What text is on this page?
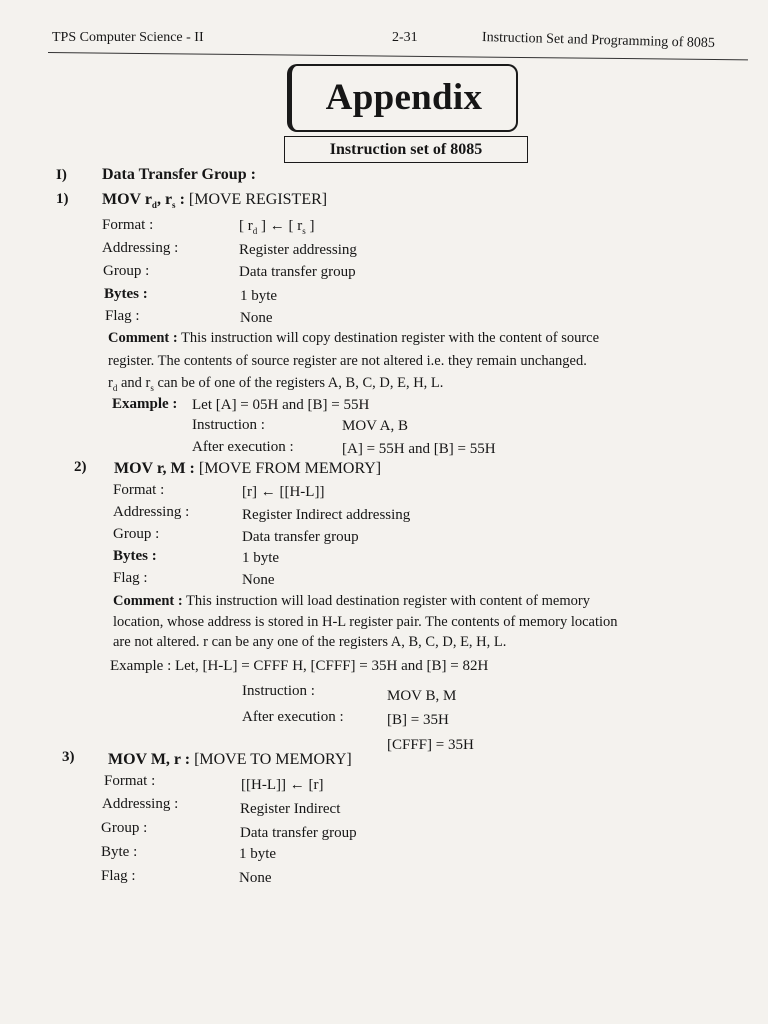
TPS Computer Science - II	2-31	Instruction Set and Programming of 8085
Appendix
Instruction set of 8085
I) Data Transfer Group :
1) MOV $r_d$, $r_s$ : [MOVE REGISTER]
Format :	[ $r_d$ ] ← [ $r_s$ ]
Addressing :	Register addressing
Group :	Data transfer group
Bytes :	1 byte
Flag :	None
Comment : This instruction will copy destination register with the content of source
register. The contents of source register are not altered i.e. they remain unchanged.
$r_d$ and $r_s$ can be of one of the registers A, B, C, D, E, H, L.
Example : Let [A] = 05H and [B] = 55H
Instruction :	MOV A, B
After execution :	[A] = 55H and [B] = 55H
2) MOV r, M : [MOVE FROM MEMORY]
Format :	[r] ← [[H-L]]
Addressing :	Register Indirect addressing
Group :	Data transfer group
Bytes :	1 byte
Flag :	None
Comment : This instruction will load destination register with content of memory
location, whose address is stored in H-L register pair. The contents of memory location
are not altered. r can be any one of the registers A, B, C, D, E, H, L.
Example : Let, [H-L] = CFFF H, [CFFF] = 35H and [B] = 82H
Instruction :	MOV B, M
After execution :	[B] = 35H
[CFFF] = 35H
3) MOV M, r : [MOVE TO MEMORY]
Format :	[[H-L]] ← [r]
Addressing :	Register Indirect
Group :	Data transfer group
Byte :	1 byte
Flag :	None
